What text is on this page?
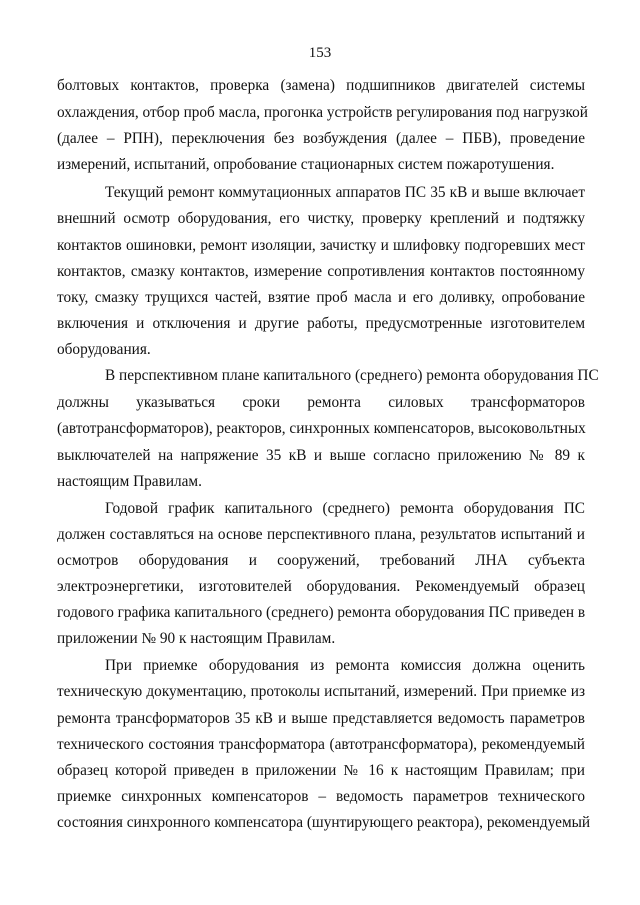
153
болтовых контактов, проверка (замена) подшипников двигателей системы
охлаждения, отбор проб масла, прогонка устройств регулирования под нагрузкой
(далее – РПН), переключения без возбуждения (далее – ПБВ), проведение
измерений, испытаний, опробование стационарных систем пожаротушения.
Текущий ремонт коммутационных аппаратов ПС 35 кВ и выше включает
внешний осмотр оборудования, его чистку, проверку креплений и подтяжку
контактов ошиновки, ремонт изоляции, зачистку и шлифовку подгоревших мест
контактов, смазку контактов, измерение сопротивления контактов постоянному
току, смазку трущихся частей, взятие проб масла и его доливку, опробование
включения и отключения и другие работы, предусмотренные изготовителем
оборудования.
В перспективном плане капитального (среднего) ремонта оборудования ПС
должны указываться сроки ремонта силовых трансформаторов
(автотрансформаторов), реакторов, синхронных компенсаторов, высоковольтных
выключателей на напряжение 35 кВ и выше согласно приложению № 89 к
настоящим Правилам.
Годовой график капитального (среднего) ремонта оборудования ПС
должен составляться на основе перспективного плана, результатов испытаний и
осмотров оборудования и сооружений, требований ЛНА субъекта
электроэнергетики, изготовителей оборудования. Рекомендуемый образец
годового графика капитального (среднего) ремонта оборудования ПС приведен в
приложении № 90 к настоящим Правилам.
При приемке оборудования из ремонта комиссия должна оценить
техническую документацию, протоколы испытаний, измерений. При приемке из
ремонта трансформаторов 35 кВ и выше представляется ведомость параметров
технического состояния трансформатора (автотрансформатора), рекомендуемый
образец которой приведен в приложении № 16 к настоящим Правилам; при
приемке синхронных компенсаторов – ведомость параметров технического
состояния синхронного компенсатора (шунтирующего реактора), рекомендуемый
